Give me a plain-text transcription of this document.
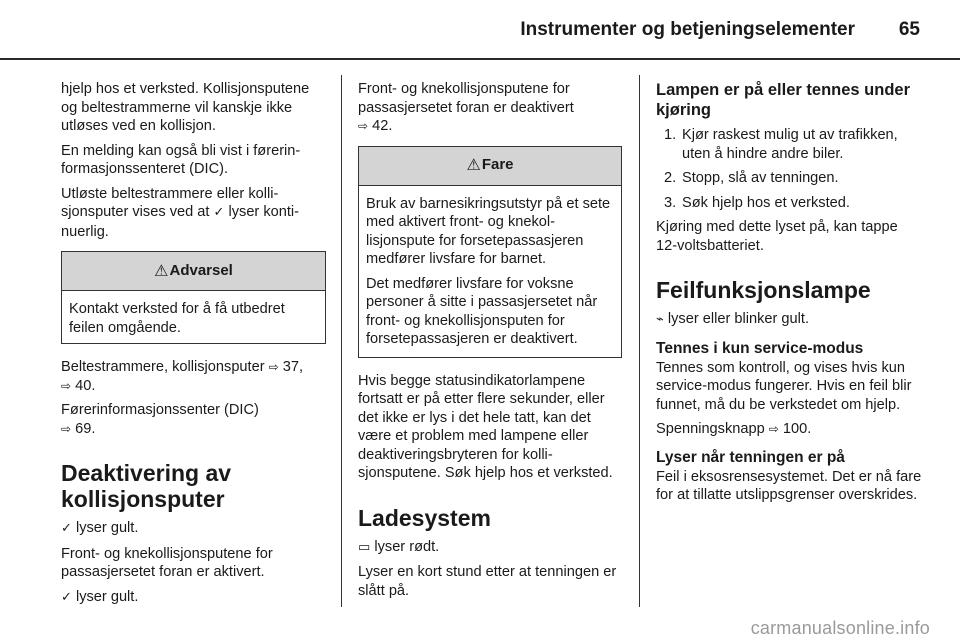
Instrumenter og betjeningselementer 65

hjelp hos et verksted. Kollisjonsputene og beltestrammerne vil kanskje ikke utløses ved en kollisjon.

En melding kan også bli vist i førerinformasjonssenteret (DIC).

Utløste beltestrammere eller kollisjonsputer vises ved at ✓ lyser kontinuerlig.

⚠ Advarsel
Kontakt verksted for å få utbedret feilen omgående.

Beltestrammere, kollisjonsputer ⇨ 37,
⇨ 40.

Førerinformasjonssenter (DIC)
⇨ 69.

Deaktivering av kollisjonsputer

✓ lyser gult.

Front- og knekollisjonsputene for passasjersetet foran er aktivert.

✓ lyser gult.

Front- og knekollisjonsputene for passasjersetet foran er deaktivert
⇨ 42.

⚠ Fare

Bruk av barnesikringsutstyr på et sete med aktivert front- og knekollisjonspute for forsetepassasjeren medfører livsfare for barnet.

Det medfører livsfare for voksne personer å sitte i passasjersetet når front- og knekollisjonsputen for forsetepassasjeren er deaktivert.

Hvis begge statusindikatorlampene fortsatt er på etter flere sekunder, eller det ikke er lys i det hele tatt, kan det være et problem med lampene eller deaktiveringsbryteren for kollisjonsputene. Søk hjelp hos et verksted.

Ladesystem

▭ lyser rødt.

Lyser en kort stund etter at tenningen er slått på.

Lampen er på eller tennes under kjøring
1. Kjør raskest mulig ut av trafikken, uten å hindre andre biler.
2. Stopp, slå av tenningen.
3. Søk hjelp hos et verksted.

Kjøring med dette lyset på, kan tappe 12-voltsbatteriet.

Feilfunksjonslampe

⌁ lyser eller blinker gult.

Tennes i kun service-modus

Tennes som kontroll, og vises hvis kun service-modus fungerer. Hvis en feil blir funnet, må du be verkstedet om hjelp.

Spenningsknapp ⇨ 100.

Lyser når tenningen er på

Feil i eksosrensesystemet. Det er nå fare for at tillatte utslippsgrenser overskrides.

carmanualsonline.info
